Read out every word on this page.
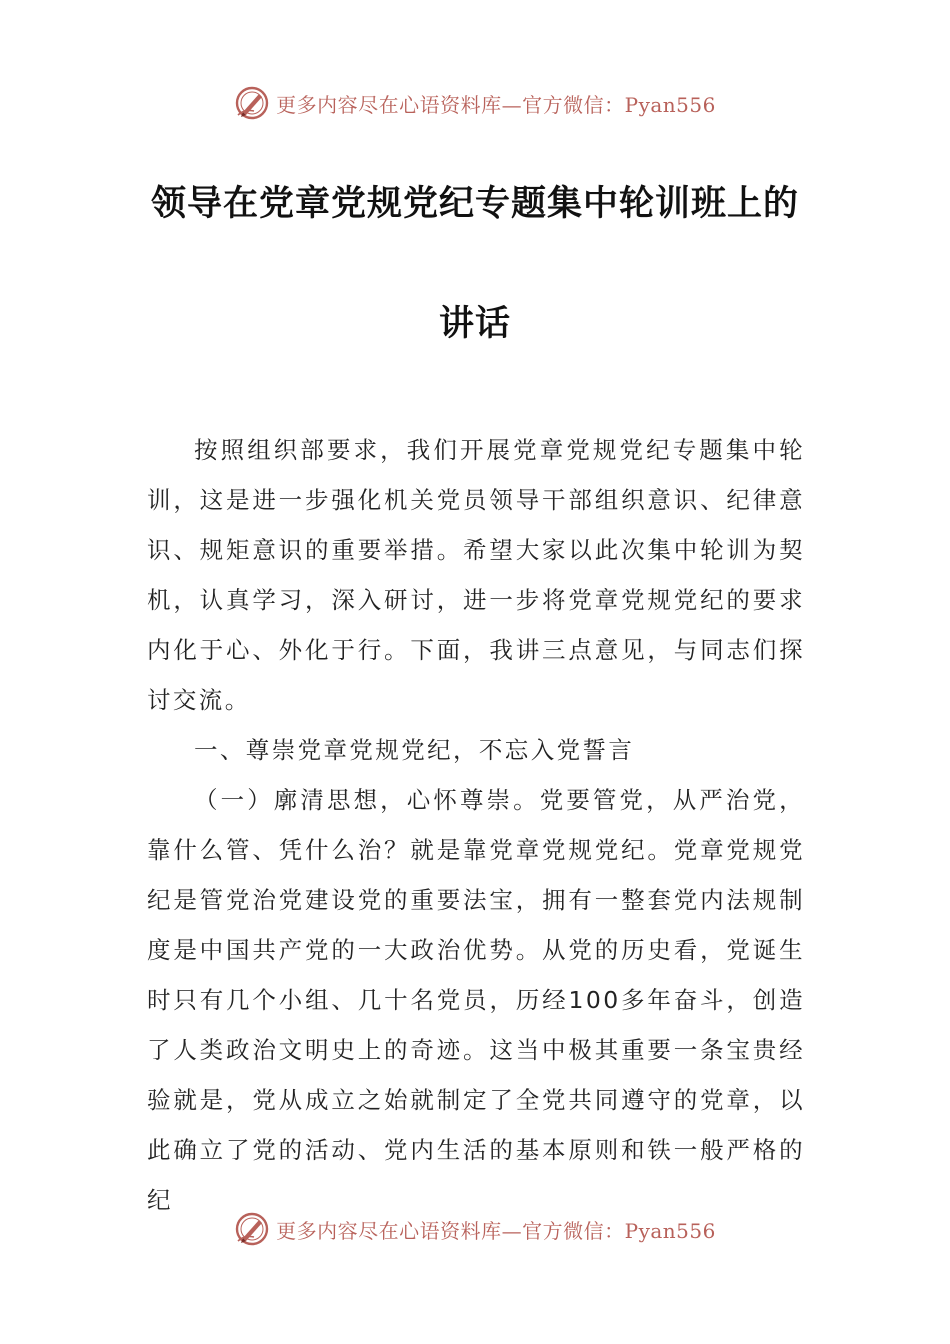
更多内容尽在心语资料库—官方微信：Pyan556
领导在党章党规党纪专题集中轮训班上的
讲话

按照组织部要求，我们开展党章党规党纪专题集中轮训，这是进一步强化机关党员领导干部组织意识、纪律意识、规矩意识的重要举措。希望大家以此次集中轮训为契机，认真学习，深入研讨，进一步将党章党规党纪的要求内化于心、外化于行。下面，我讲三点意见，与同志们探讨交流。

一、尊崇党章党规党纪，不忘入党誓言

（一）廓清思想，心怀尊崇。党要管党，从严治党，靠什么管、凭什么治？就是靠党章党规党纪。党章党规党纪是管党治党建设党的重要法宝，拥有一整套党内法规制度是中国共产党的一大政治优势。从党的历史看，党诞生时只有几个小组、几十名党员，历经100多年奋斗，创造了人类政治文明史上的奇迹。这当中极其重要一条宝贵经验就是，党从成立之始就制定了全党共同遵守的党章，以此确立了党的活动、党内生活的基本原则和铁一般严格的纪

更多内容尽在心语资料库—官方微信：Pyan556
